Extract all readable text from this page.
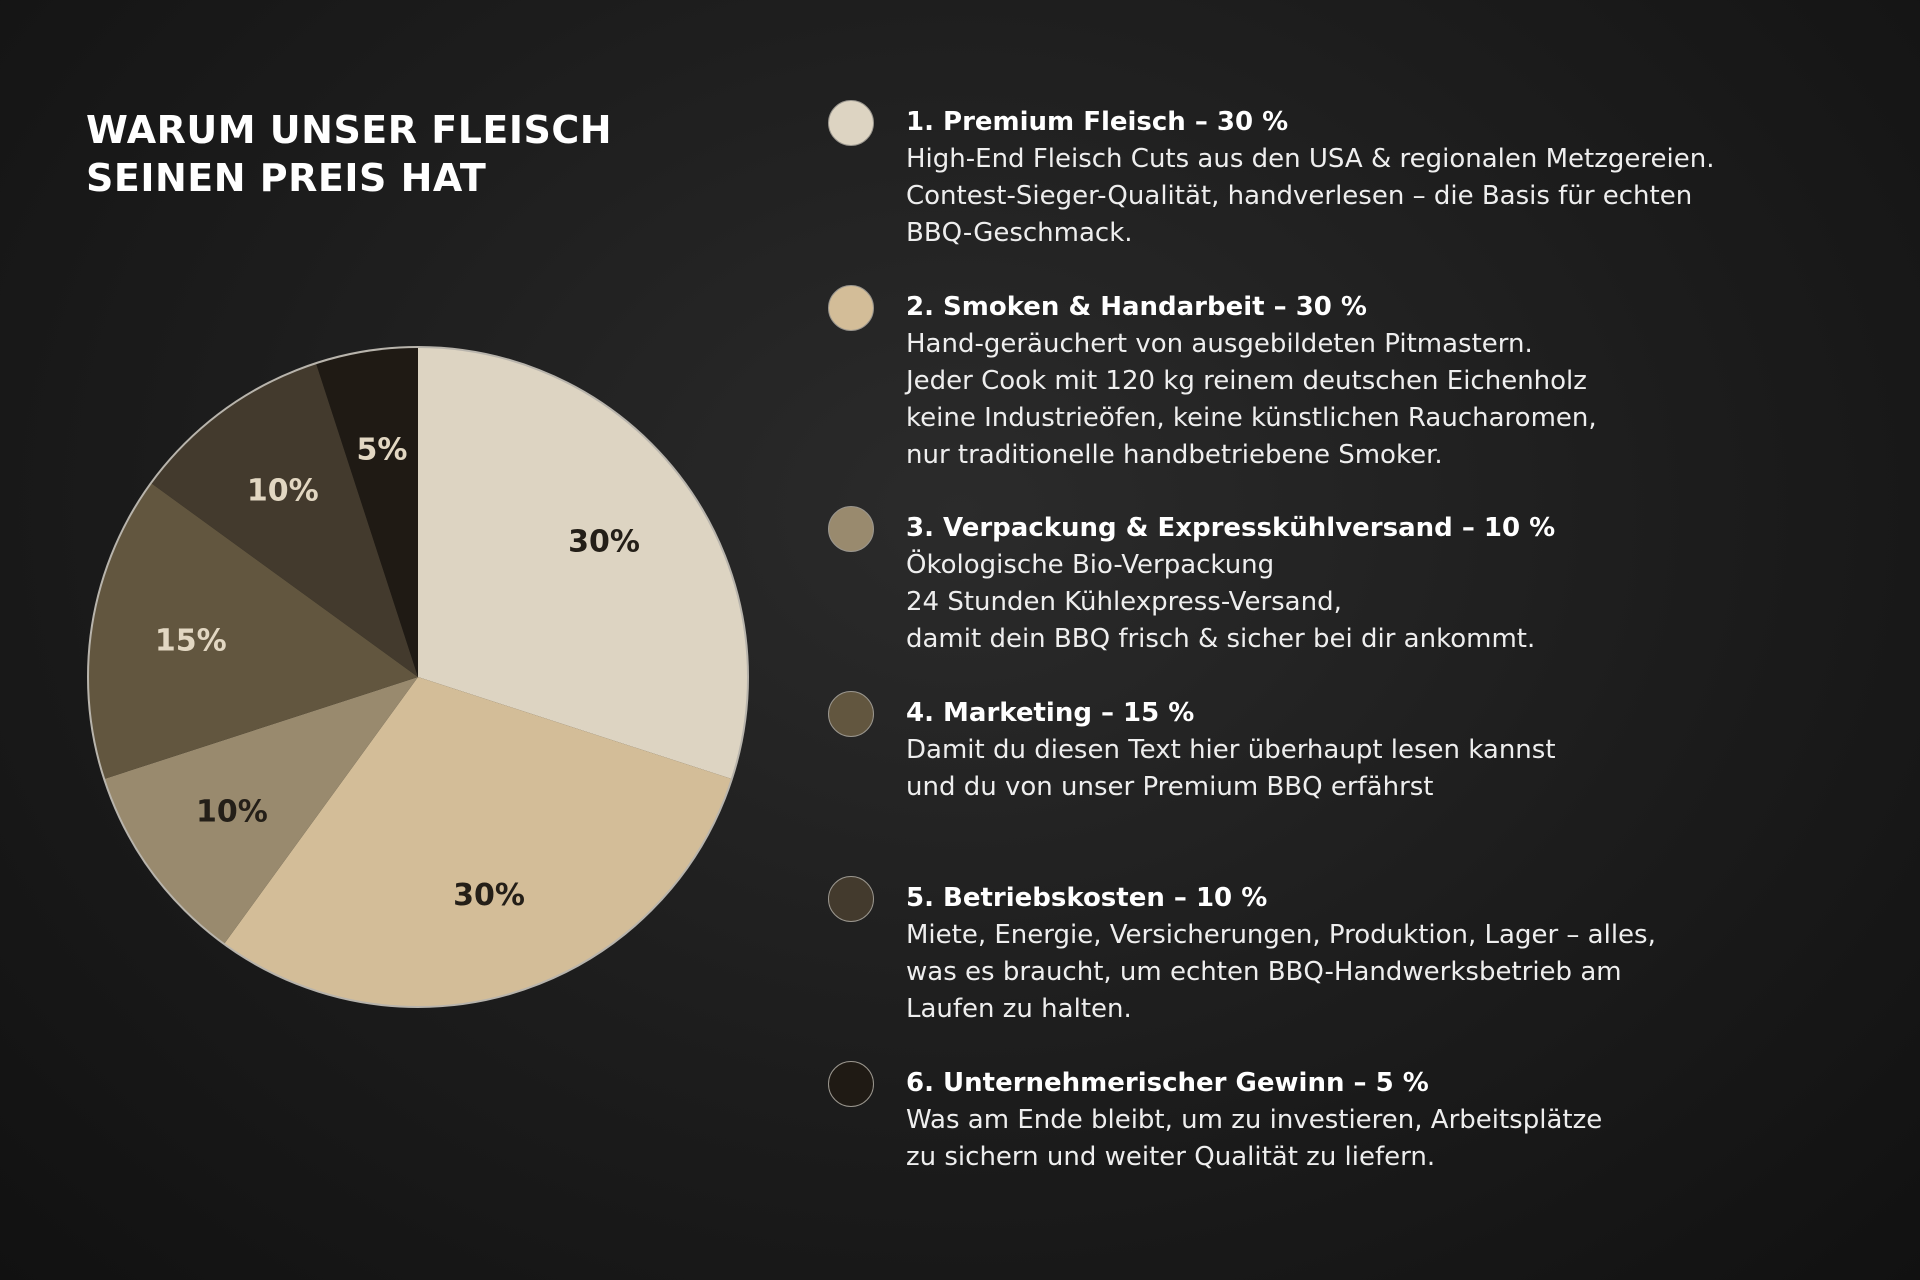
WARUM UNSER FLEISCH
SEINEN PREIS HAT
30%
30%
10%
15%
10%
5%
1. Premium Fleisch – 30 %
High-End Fleisch Cuts aus den USA & regionalen Metzgereien.
Contest-Sieger-Qualität, handverlesen – die Basis für echten
BBQ-Geschmack.
2. Smoken & Handarbeit – 30 %
Hand-geräuchert von ausgebildeten Pitmastern.
Jeder Cook mit 120 kg reinem deutschen Eichenholz
keine Industrieöfen, keine künstlichen Raucharomen,
nur traditionelle handbetriebene Smoker.
3. Verpackung & Expresskühlversand – 10 %
Ökologische Bio-Verpackung
24 Stunden Kühlexpress-Versand,
damit dein BBQ frisch & sicher bei dir ankommt.
4. Marketing – 15 %
Damit du diesen Text hier überhaupt lesen kannst
und du von unser Premium BBQ erfährst
5. Betriebskosten – 10 %
Miete, Energie, Versicherungen, Produktion, Lager – alles,
was es braucht, um echten BBQ-Handwerksbetrieb am
Laufen zu halten.
6. Unternehmerischer Gewinn – 5 %
Was am Ende bleibt, um zu investieren, Arbeitsplätze
zu sichern und weiter Qualität zu liefern.
